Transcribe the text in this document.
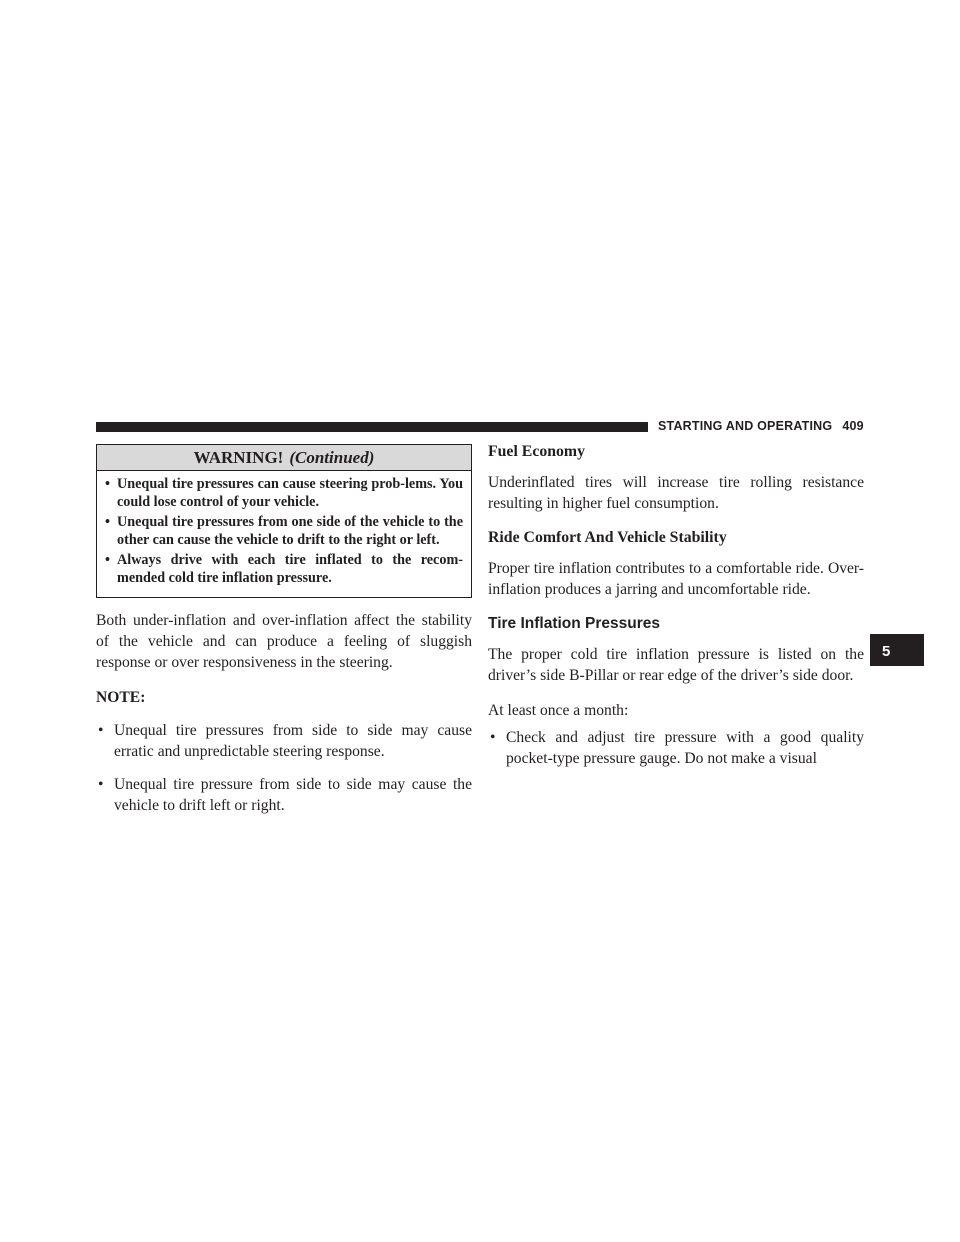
STARTING AND OPERATING 409
5
WARNING! (Continued)
• Unequal tire pressures can cause steering prob-lems. You could lose control of your vehicle.
• Unequal tire pressures from one side of the vehicle to the other can cause the vehicle to drift to the right or left.
• Always drive with each tire inflated to the recom-mended cold tire inflation pressure.

Both under-inflation and over-inflation affect the stability of the vehicle and can produce a feeling of sluggish response or over responsiveness in the steering.

NOTE:
• Unequal tire pressures from side to side may cause erratic and unpredictable steering response.
• Unequal tire pressure from side to side may cause the vehicle to drift left or right.
Fuel Economy

Underinflated tires will increase tire rolling resistance resulting in higher fuel consumption.

Ride Comfort And Vehicle Stability

Proper tire inflation contributes to a comfortable ride. Over-inflation produces a jarring and uncomfortable ride.

Tire Inflation Pressures

The proper cold tire inflation pressure is listed on the driver’s side B-Pillar or rear edge of the driver’s side door.

At least once a month:

• Check and adjust tire pressure with a good quality pocket-type pressure gauge. Do not make a visual
